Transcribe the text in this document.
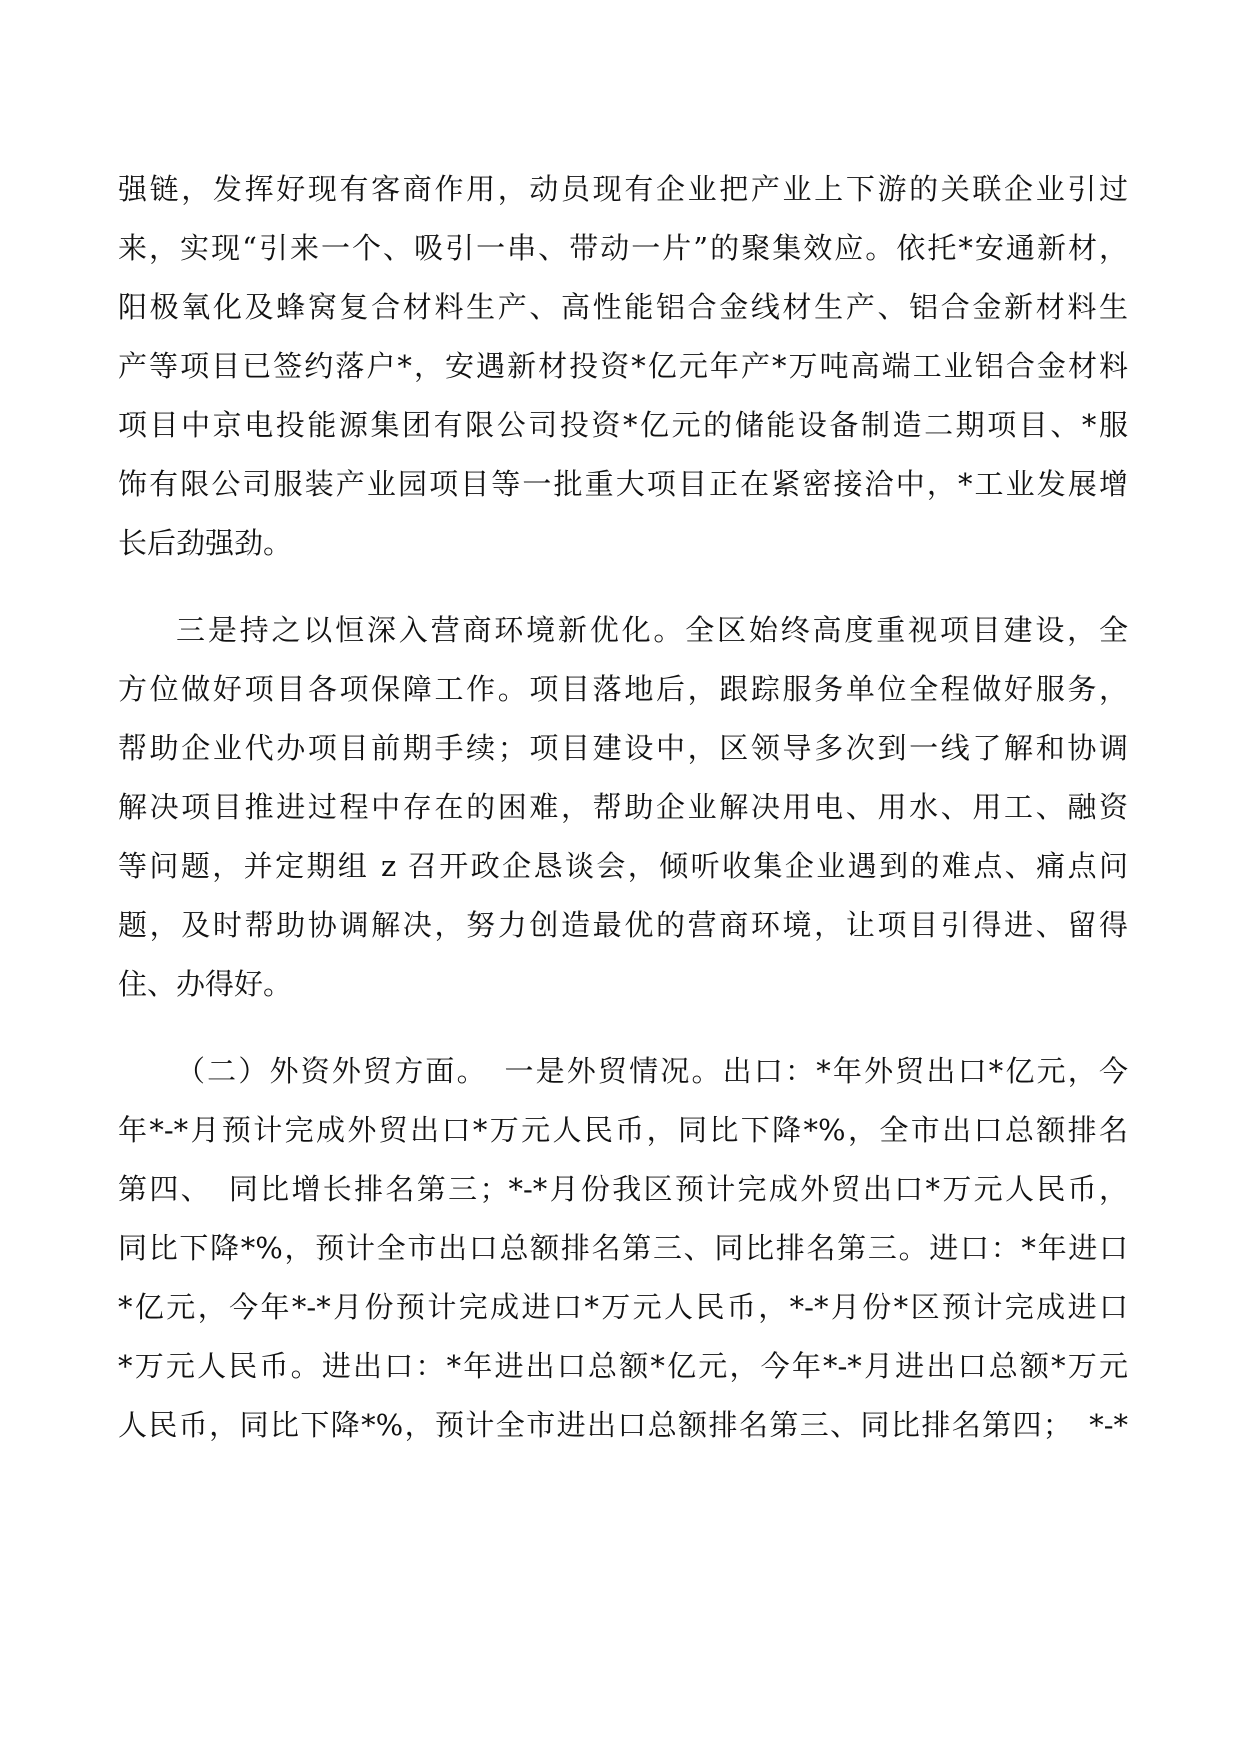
强链，发挥好现有客商作用，动员现有企业把产业上下游的关联企业引过
来，实现“引来一个、吸引一串、带动一片”的聚集效应。依托*安通新材，
阳极氧化及蜂窝复合材料生产、高性能铝合金线材生产、铝合金新材料生
产等项目已签约落户*，安遇新材投资*亿元年产*万吨高端工业铝合金材料
项目中京电投能源集团有限公司投资*亿元的储能设备制造二期项目、*服
饰有限公司服装产业园项目等一批重大项目正在紧密接洽中，*工业发展增
长后劲强劲。
三是持之以恒深入营商环境新优化。全区始终高度重视项目建设，全
方位做好项目各项保障工作。项目落地后，跟踪服务单位全程做好服务，
帮助企业代办项目前期手续；项目建设中，区领导多次到一线了解和协调
解决项目推进过程中存在的困难，帮助企业解决用电、用水、用工、融资
等问题，并定期组 z 召开政企恳谈会，倾听收集企业遇到的难点、痛点问
题，及时帮助协调解决，努力创造最优的营商环境，让项目引得进、留得
住、办得好。
（二）外资外贸方面。　一是外贸情况。出口：*年外贸出口*亿元，今
年*-*月预计完成外贸出口*万元人民币，同比下降*%，全市出口总额排名
第四、　同比增长排名第三；*-*月份我区预计完成外贸出口*万元人民币，
同比下降*%，预计全市出口总额排名第三、同比排名第三。进口：*年进口
*亿元，今年*-*月份预计完成进口*万元人民币，*-*月份*区预计完成进口
*万元人民币。进出口：*年进出口总额*亿元，今年*-*月进出口总额*万元
人民币，同比下降*%，预计全市进出口总额排名第三、同比排名第四；　*-*
